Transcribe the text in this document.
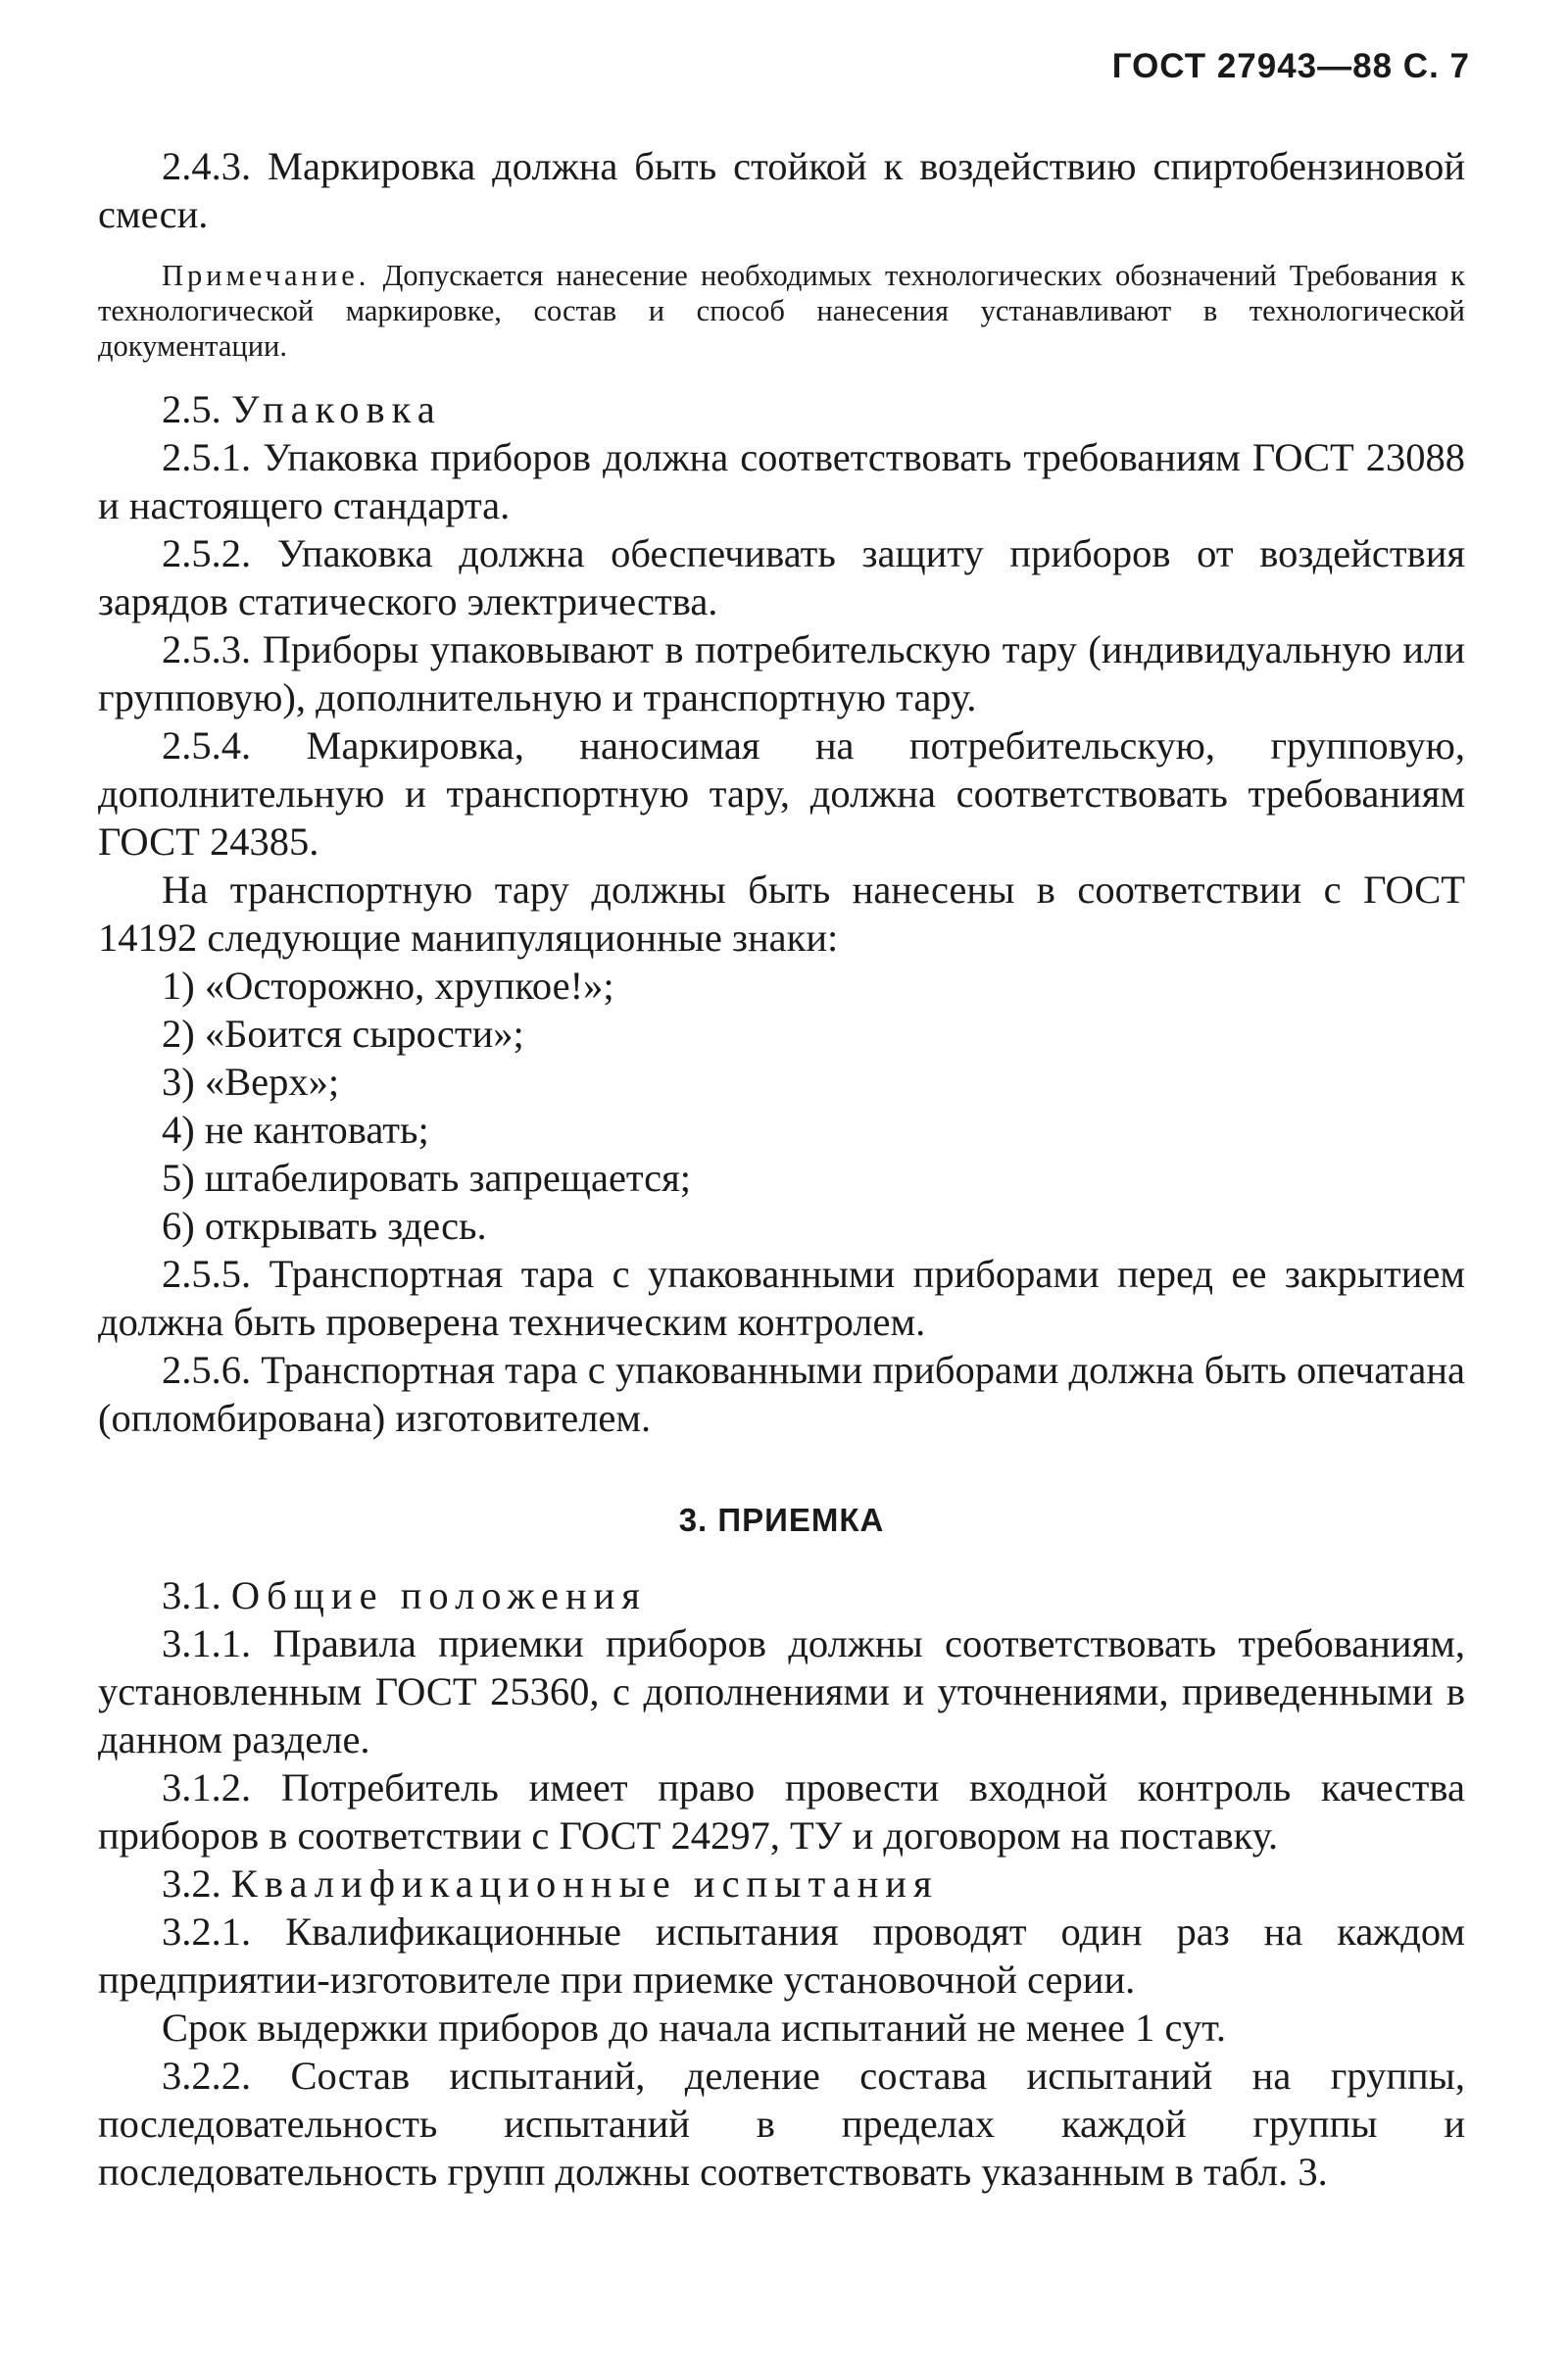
ГОСТ 27943—88 С. 7

2.4.3. Маркировка должна быть стойкой к воздействию спиртобензиновой смеси.

Примечание. Допускается нанесение необходимых технологических обозначений Требования к технологической маркировке, состав и способ нанесения устанавливают в технологической документации.

2.5. Упаковка

2.5.1. Упаковка приборов должна соответствовать требованиям ГОСТ 23088 и настоящего стандарта.

2.5.2. Упаковка должна обеспечивать защиту приборов от воздействия зарядов статического электричества.

2.5.3. Приборы упаковывают в потребительскую тару (индивидуальную или групповую), дополнительную и транспортную тару.

2.5.4. Маркировка, наносимая на потребительскую, групповую, дополнительную и транспортную тару, должна соответствовать требованиям ГОСТ 24385.

На транспортную тару должны быть нанесены в соответствии с ГОСТ 14192 следующие манипуляционные знаки:

1) «Осторожно, хрупкое!»;

2) «Боится сырости»;

3) «Верх»;

4) не кантовать;

5) штабелировать запрещается;

6) открывать здесь.

2.5.5. Транспортная тара с упакованными приборами перед ее закрытием должна быть проверена техническим контролем.

2.5.6. Транспортная тара с упакованными приборами должна быть опечатана (опломбирована) изготовителем.

3. ПРИЕМКА

3.1. Общие положения

3.1.1. Правила приемки приборов должны соответствовать требованиям, установленным ГОСТ 25360, с дополнениями и уточнениями, приведенными в данном разделе.

3.1.2. Потребитель имеет право провести входной контроль качества приборов в соответствии с ГОСТ 24297, ТУ и договором на поставку.

3.2. Квалификационные испытания

3.2.1. Квалификационные испытания проводят один раз на каждом предприятии-изготовителе при приемке установочной серии.

Срок выдержки приборов до начала испытаний не менее 1 сут.

3.2.2. Состав испытаний, деление состава испытаний на группы, последовательность испытаний в пределах каждой группы и последовательность групп должны соответствовать указанным в табл. 3.
